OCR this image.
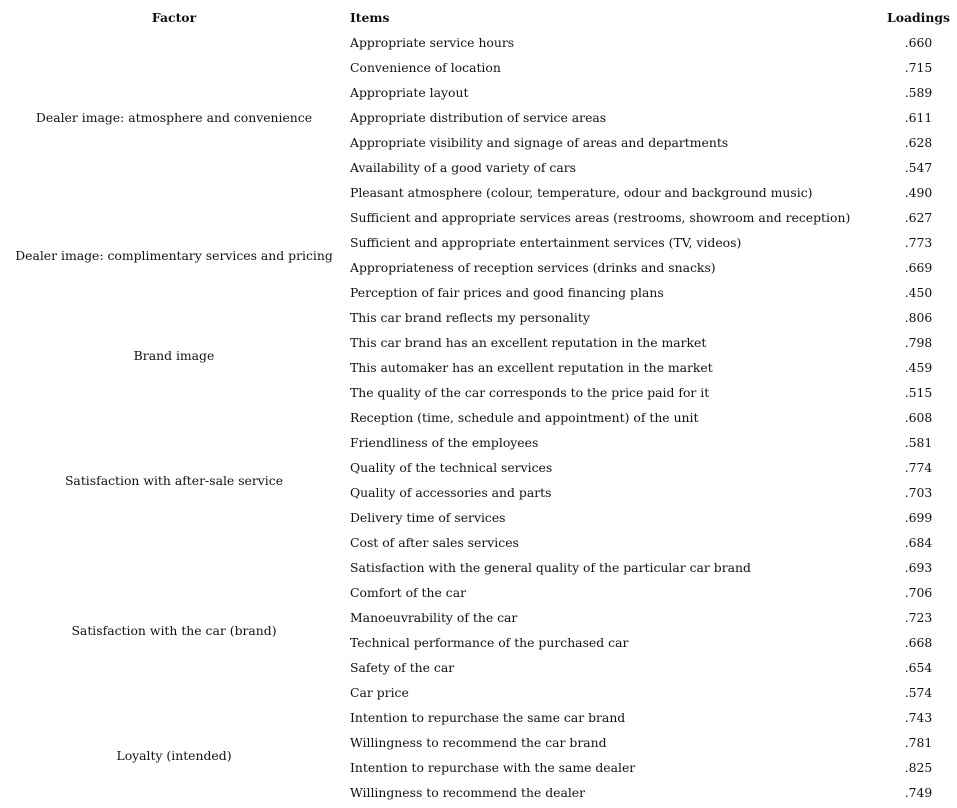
Factor	Items	Loadings
Dealer image: atmosphere and convenience	Appropriate service hours	.660
	Convenience of location	.715
	Appropriate layout	.589
	Appropriate distribution of service areas	.611
	Appropriate visibility and signage of areas and departments	.628
	Availability of a good variety of cars	.547
	Pleasant atmosphere (colour, temperature, odour and background music)	.490
Dealer image: complimentary services and pricing	Sufficient and appropriate services areas (restrooms, showroom and reception)	.627
	Sufficient and appropriate entertainment services (TV, videos)	.773
	Appropriateness of reception services (drinks and snacks)	.669
	Perception of fair prices and good financing plans	.450
Brand image	This car brand reflects my personality	.806
	This car brand has an excellent reputation in the market	.798
	This automaker has an excellent reputation in the market	.459
	The quality of the car corresponds to the price paid for it	.515
Satisfaction with after-sale service	Reception (time, schedule and appointment) of the unit	.608
	Friendliness of the employees	.581
	Quality of the technical services	.774
	Quality of accessories and parts	.703
	Delivery time of services	.699
	Cost of after sales services	.684
Satisfaction with the car (brand)	Satisfaction with the general quality of the particular car brand	.693
	Comfort of the car	.706
	Manoeuvrability of the car	.723
	Technical performance of the purchased car	.668
	Safety of the car	.654
	Car price	.574
Loyalty (intended)	Intention to repurchase the same car brand	.743
	Willingness to recommend the car brand	.781
	Intention to repurchase with the same dealer	.825
	Willingness to recommend the dealer	.749
